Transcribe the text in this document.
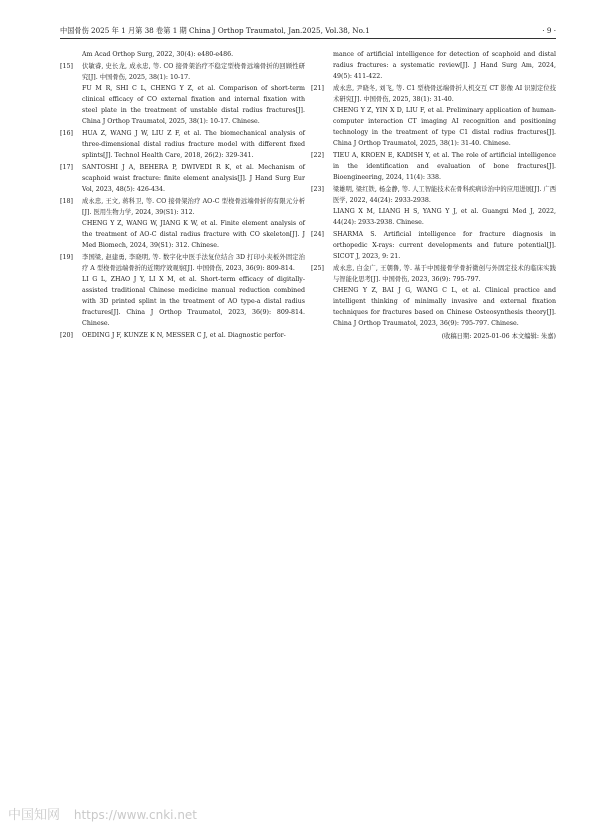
中国骨伤 2025 年 1 月第 38 卷第 1 期 China J Orthop Traumatol, Jan.2025, Vol.38, No.1	· 9 ·
Am Acad Orthop Surg, 2022, 30(4): e480-e486.
[15] 伏敏睿, 史长龙, 成永忠, 等. CO 接骨架治疗不稳定型桡骨远端骨折的回顾性研究[J]. 中国骨伤, 2025, 38(1): 10-17.
FU M R, SHI C L, CHENG Y Z, et al. Comparison of short-term clinical efficacy of CO external fixation and internal fixation with steel plate in the treatment of unstable distal radius fractures[J]. China J Orthop Traumatol, 2025, 38(1): 10-17. Chinese.
[16] HUA Z, WANG J W, LIU Z F, et al. The biomechanical analysis of three-dimensional distal radius fracture model with different fixed splints[J]. Technol Health Care, 2018, 26(2): 329-341.
[17] SANTOSHI J A, BEHERA P, DWIVEDI R K, et al. Mechanism of scaphoid waist fracture: finite element analysis[J]. J Hand Surg Eur Vol, 2023, 48(5): 426-434.
[18] 成永忠, 王文, 蒋科卫, 等. CO 接骨架治疗 AO-C 型桡骨远端骨折的有限元分析[J]. 医用生物力学, 2024, 39(S1): 312.
CHENG Y Z, WANG W, JIANG K W, et al. Finite element analysis of the treatment of AO-C distal radius fracture with CO skeleton[J]. J Med Biomech, 2024, 39(S1): 312. Chinese.
[19] 李国梁, 赵建勇, 李晓明, 等. 数字化中医手法复位结合 3D 打印小夹板外固定治疗 A 型桡骨远端骨折的近期疗效观察[J]. 中国骨伤, 2023, 36(9): 809-814.
LI G L, ZHAO J Y, LI X M, et al. Short-term efficacy of digitally-assisted traditional Chinese medicine manual reduction combined with 3D printed splint in the treatment of AO type-a distal radius fractures[J]. China J Orthop Traumatol, 2023, 36(9): 809-814. Chinese.
[20] OEDING J F, KUNZE K N, MESSER C J, et al. Diagnostic perfor-
mance of artificial intelligence for detection of scaphoid and distal radius fractures: a systematic review[J]. J Hand Surg Am, 2024, 49(5): 411-422.
[21] 成永忠, 尹晓冬, 刘飞, 等. C1 型桡骨远端骨折人机交互 CT 影像 AI 识别定位技术研究[J]. 中国骨伤, 2025, 38(1): 31-40.
CHENG Y Z, YIN X D, LIU F, et al. Preliminary application of human-computer interaction CT imaging AI recognition and positioning technology in the treatment of type C1 distal radius fractures[J]. China J Orthop Traumatol, 2025, 38(1): 31-40. Chinese.
[22] TIEU A, KROEN E, KADISH Y, et al. The role of artificial intelligence in the identification and evaluation of bone fractures[J]. Bioengineering, 2024, 11(4): 338.
[23] 梁雄明, 梁红铁, 杨金静, 等. 人工智能技术在骨科疾病诊治中的应用进展[J]. 广西医学, 2022, 44(24): 2933-2938.
LIANG X M, LIANG H S, YANG Y J, et al. Guangxi Med J, 2022, 44(24): 2933-2938. Chinese.
[24] SHARMA S. Artificial intelligence for fracture diagnosis in orthopedic X-rays: current developments and future potential[J]. SICOT J, 2023, 9: 21.
[25] 成永忠, 白金广, 王朝鲁, 等. 基于中国接骨学骨折微创与外固定技术的临床实践与智能化思考[J]. 中国骨伤, 2023, 36(9): 795-797.
CHENG Y Z, BAI J G, WANG C L, et al. Clinical practice and intelligent thinking of minimally invasive and external fixation techniques for fractures based on Chinese Osteosynthesis theory[J]. China J Orthop Traumatol, 2023, 36(9): 795-797. Chinese.
(收稿日期: 2025-01-06 本文编辑: 朱嘉)
中国知网 https://www.cnki.net
